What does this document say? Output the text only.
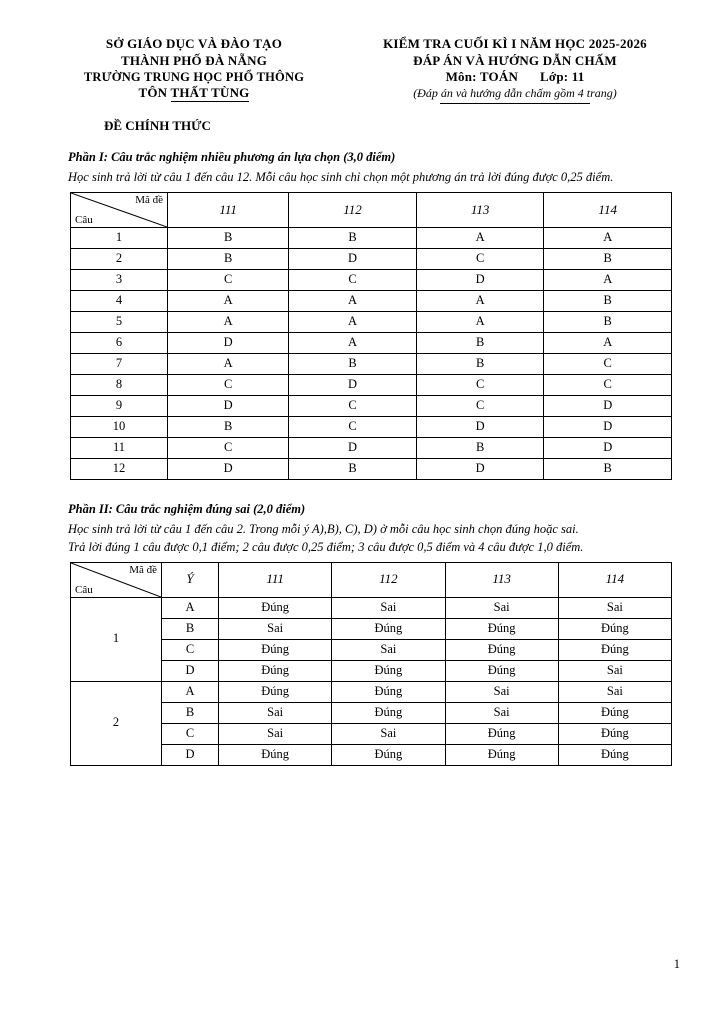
SỞ GIÁO DỤC VÀ ĐÀO TẠO
THÀNH PHỐ ĐÀ NẴNG
TRƯỜNG TRUNG HỌC PHỔ THÔNG
TÔN THẤT TÙNG
KIỂM TRA CUỐI KÌ I NĂM HỌC 2025-2026
ĐÁP ÁN VÀ HƯỚNG DẪN CHẤM
Môn: TOÁN Lớp: 11
(Đáp án và hướng dẫn chấm gồm 4 trang)
ĐỀ CHÍNH THỨC
Phần I: Câu trắc nghiệm nhiều phương án lựa chọn (3,0 điểm)
Học sinh trả lời từ câu 1 đến câu 12. Mỗi câu học sinh chỉ chọn một phương án trả lời đúng được 0,25 điểm.
Mã đề
Câu	111	112	113	114
1	B	B	A	A
2	B	D	C	B
3	C	C	D	A
4	A	A	A	B
5	A	A	A	B
6	D	A	B	A
7	A	B	B	C
8	C	D	C	C
9	D	C	C	D
10	B	C	D	D
11	C	D	B	D
12	D	B	D	B
Phần II: Câu trắc nghiệm đúng sai (2,0 điểm)
Học sinh trả lời từ câu 1 đến câu 2. Trong mỗi ý A),B), C), D) ở mỗi câu học sinh chọn đúng hoặc sai.
Trả lời đúng 1 câu được 0,1 điểm; 2 câu được 0,25 điểm; 3 câu được 0,5 điểm và 4 câu được 1,0 điểm.
Mã đề
Câu	Ý	111	112	113	114
1	A	Đúng	Sai	Sai	Sai
	B	Sai	Đúng	Đúng	Đúng
	C	Đúng	Sai	Đúng	Đúng
	D	Đúng	Đúng	Đúng	Sai
2	A	Đúng	Đúng	Sai	Sai
	B	Sai	Đúng	Sai	Đúng
	C	Sai	Sai	Đúng	Đúng
	D	Đúng	Đúng	Đúng	Đúng
1
